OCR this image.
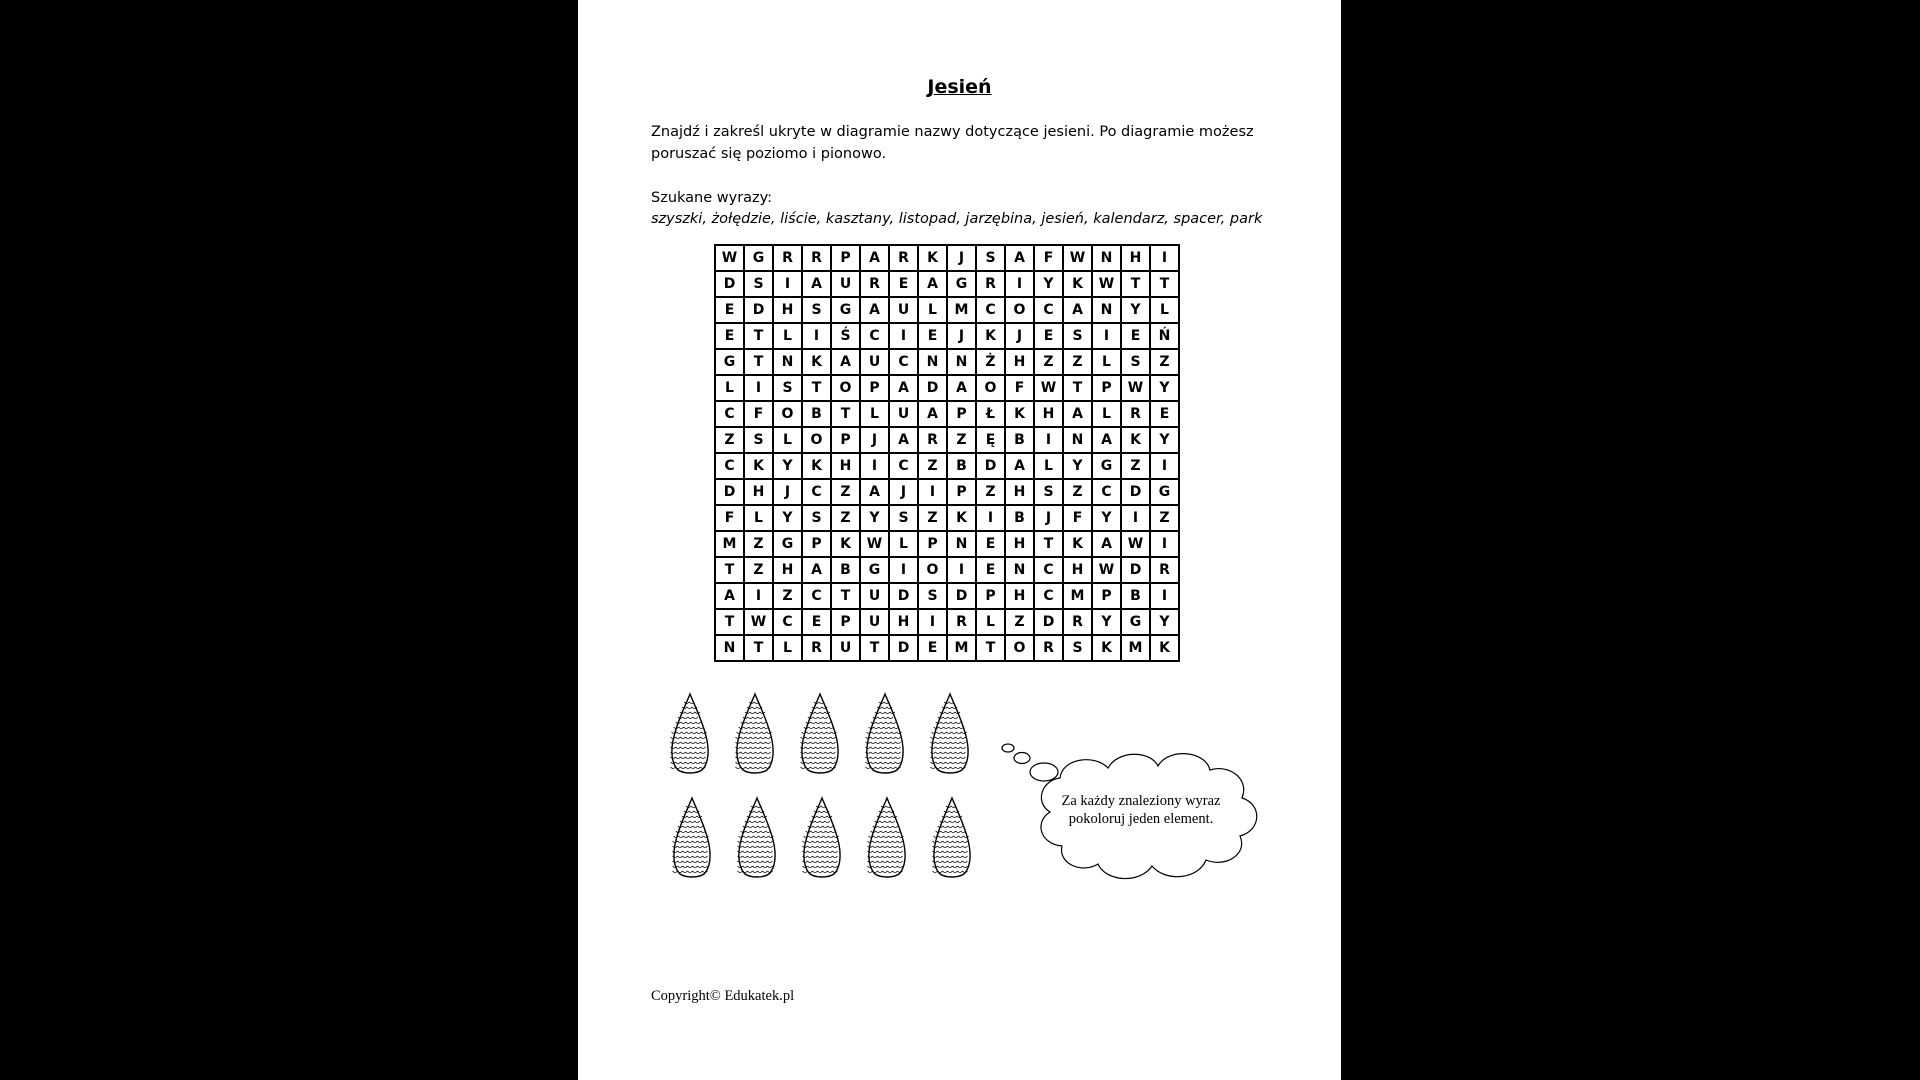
Jesień
Znajdź i zakreśl ukryte w diagramie nazwy dotyczące jesieni. Po diagramie możesz poruszać się poziomo i pionowo.
Szukane wyrazy:
szyszki, żołędzie, liście, kasztany, listopad, jarzębina, jesień, kalendarz, spacer, park
W	G	R	R	P	A	R	K	J	S	A	F	W	N	H	I
D	S	I	A	U	R	E	A	G	R	I	Y	K	W	T	T
E	D	H	S	G	A	U	L	M	C	O	C	A	N	Y	L
E	T	L	I	Ś	C	I	E	J	K	J	E	S	I	E	Ń
G	T	N	K	A	U	C	N	N	Ż	H	Z	Z	L	S	Z
L	I	S	T	O	P	A	D	A	O	F	W	T	P	W	Y
C	F	O	B	T	L	U	A	P	Ł	K	H	A	L	R	E
Z	S	L	O	P	J	A	R	Z	Ę	B	I	N	A	K	Y
C	K	Y	K	H	I	C	Z	B	D	A	L	Y	G	Z	I
D	H	J	C	Z	A	J	I	P	Z	H	S	Z	C	D	G
F	L	Y	S	Z	Y	S	Z	K	I	B	J	F	Y	I	Z
M	Z	G	P	K	W	L	P	N	E	H	T	K	A	W	I
T	Z	H	A	B	G	I	O	I	E	N	C	H	W	D	R
A	I	Z	C	T	U	D	S	D	P	H	C	M	P	B	I
T	W	C	E	P	U	H	I	R	L	Z	D	R	Y	G	Y
N	T	L	R	U	T	D	E	M	T	O	R	S	K	M	K
Za każdy znaleziony wyraz pokoloruj jeden element.
Copyright© Edukatek.pl
